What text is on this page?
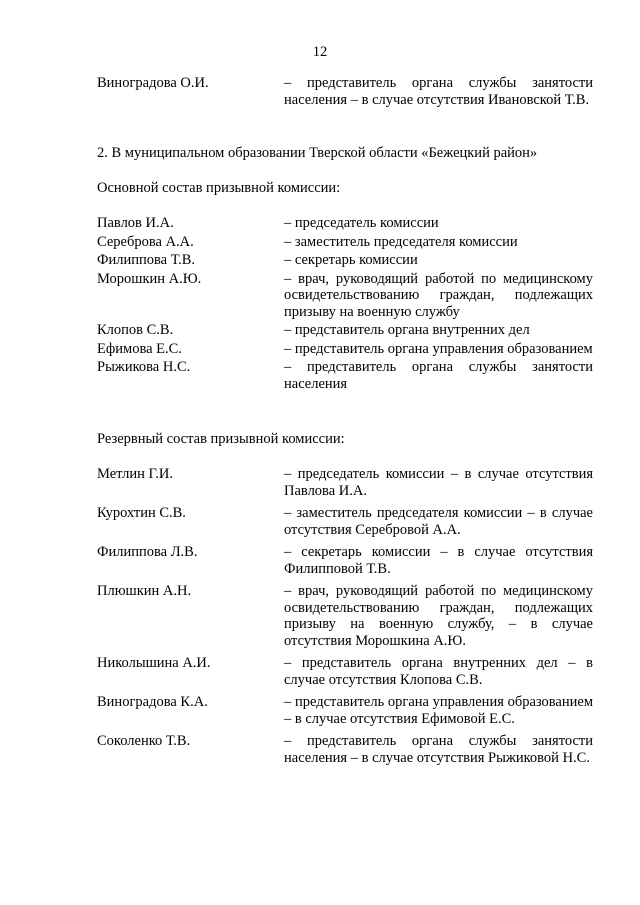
12
Виноградова О.И.	– представитель органа службы занятости населения – в случае отсутствия Ивановской Т.В.
2. В муниципальном образовании Тверской области «Бежецкий район»
Основной состав призывной комиссии:
Павлов И.А.	– председатель комиссии
Сереброва А.А.	– заместитель председателя комиссии
Филиппова Т.В.	– секретарь комиссии
Морошкин А.Ю.	– врач, руководящий работой по медицинскому освидетельствованию граждан, подлежащих призыву на военную службу
Клопов С.В.	– представитель органа внутренних дел
Ефимова Е.С.	– представитель органа управления образованием
Рыжикова Н.С.	– представитель органа службы занятости населения
Резервный состав призывной комиссии:
Метлин Г.И.	– председатель комиссии – в случае отсутствия Павлова И.А.
Курохтин С.В.	– заместитель председателя комиссии – в случае отсутствия Серебровой А.А.
Филиппова Л.В.	– секретарь комиссии – в случае отсутствия Филипповой Т.В.
Плюшкин А.Н.	– врач, руководящий работой по медицинскому освидетельствованию граждан, подлежащих призыву на военную службу, – в случае отсутствия Морошкина А.Ю.
Николышина А.И.	– представитель органа внутренних дел – в случае отсутствия Клопова С.В.
Виноградова К.А.	– представитель органа управления образованием – в случае отсутствия Ефимовой Е.С.
Соколенко Т.В.	– представитель органа службы занятости населения – в случае отсутствия Рыжиковой Н.С.
